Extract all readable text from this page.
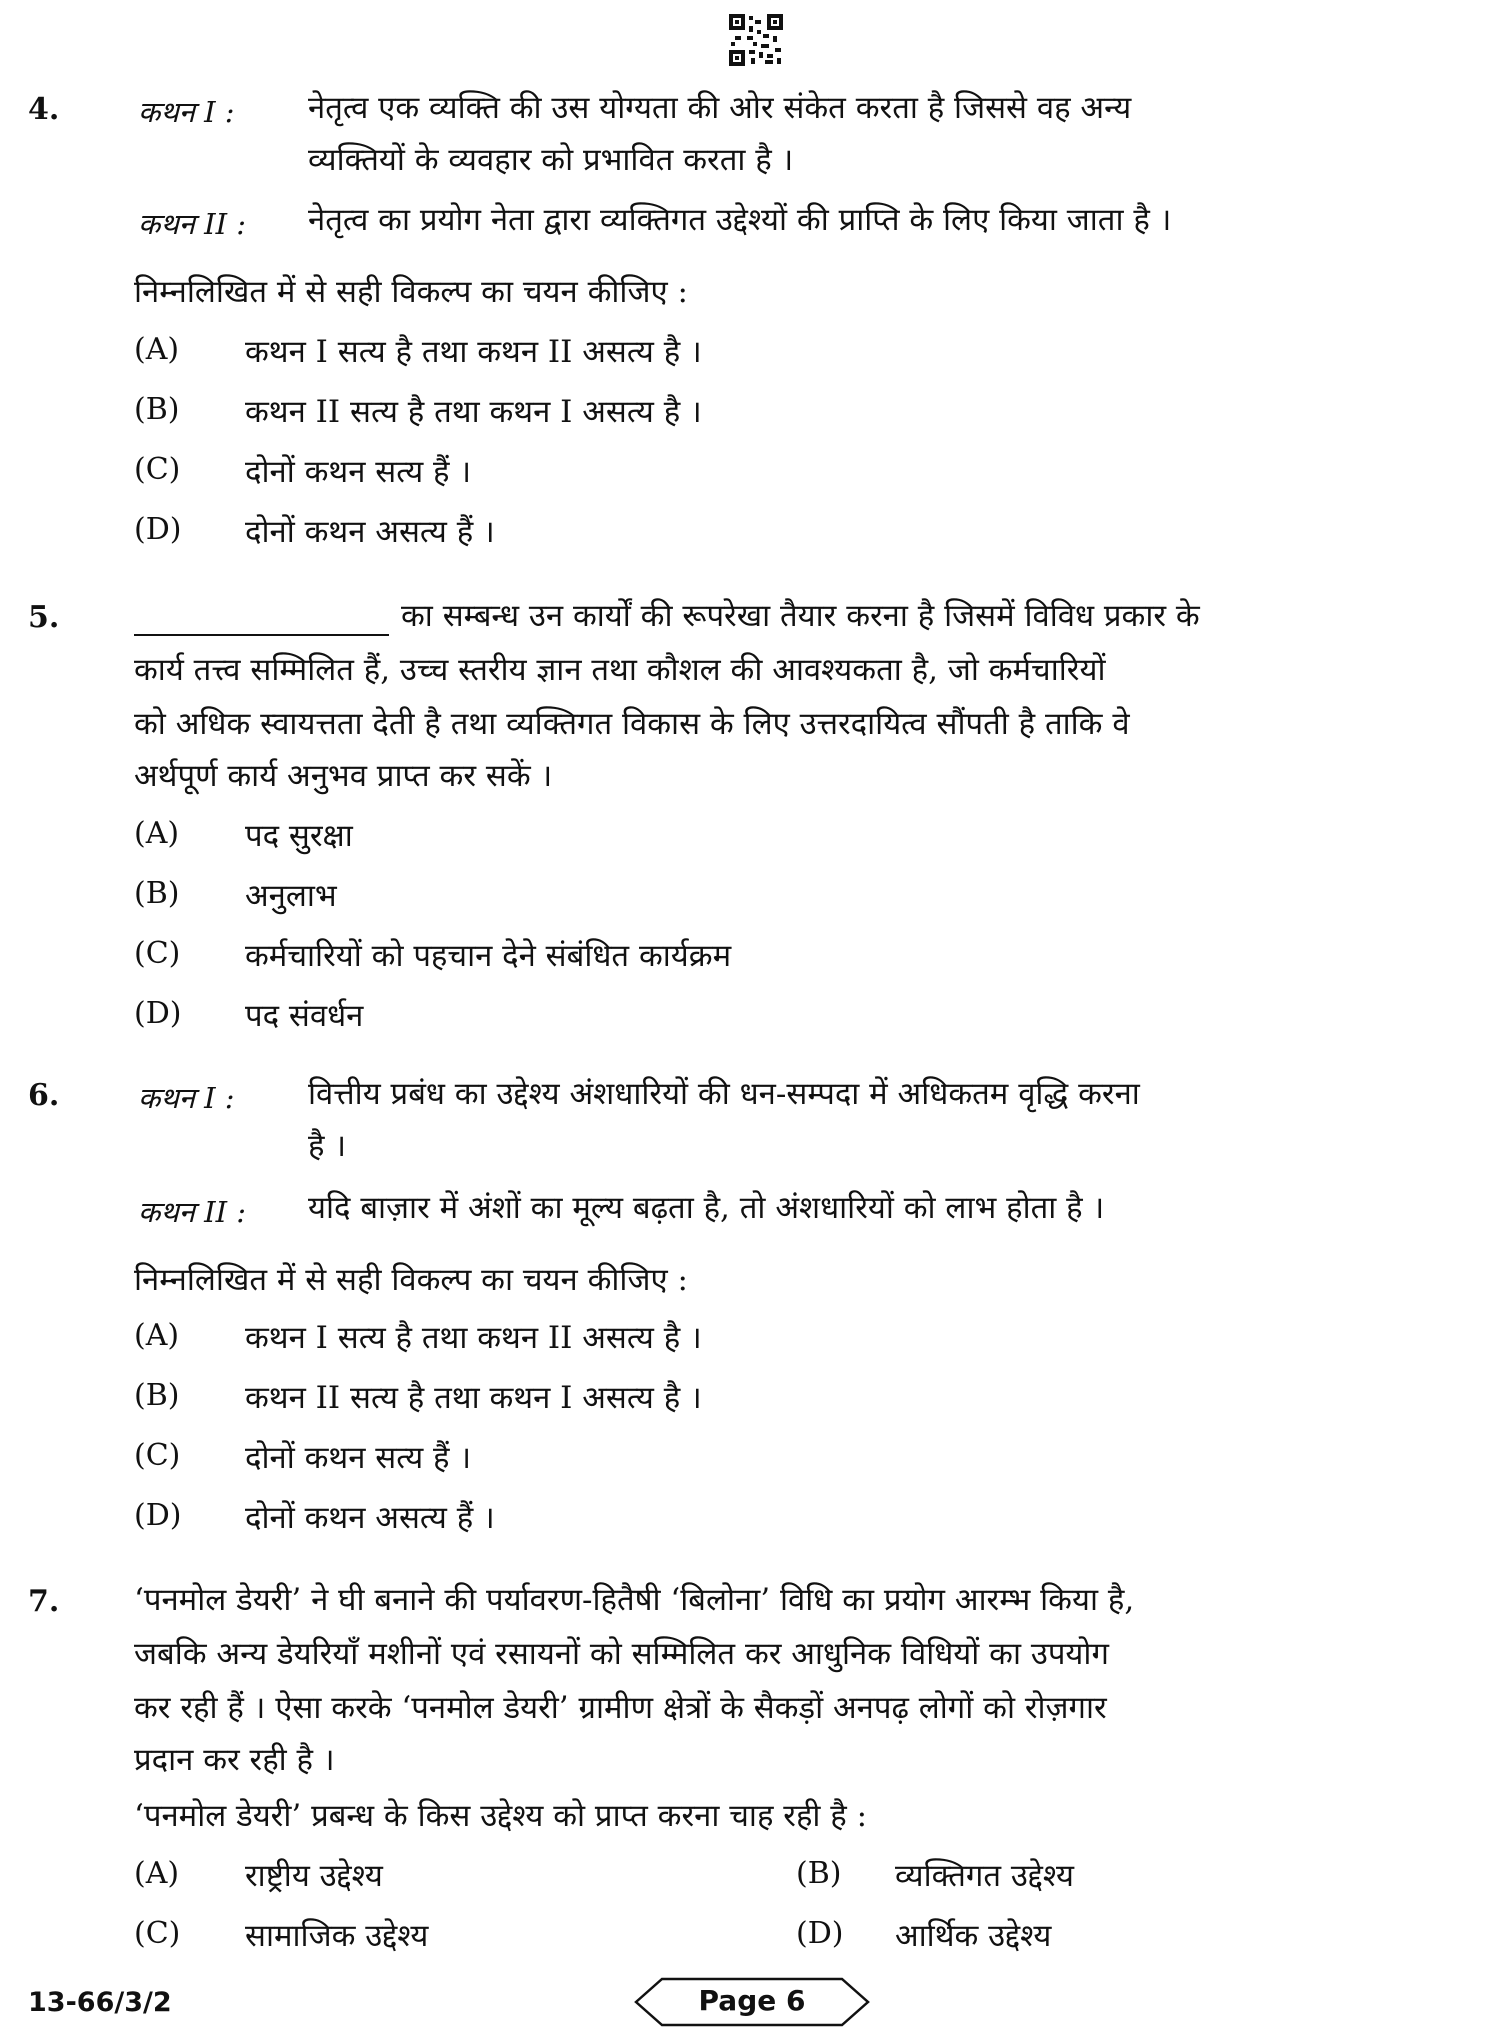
4.	कथन I : नेतृत्व एक व्यक्ति की उस योग्यता की ओर संकेत करता है जिससे वह अन्य
व्यक्तियों के व्यवहार को प्रभावित करता है ।
कथन II : नेतृत्व का प्रयोग नेता द्वारा व्यक्तिगत उद्देश्यों की प्राप्ति के लिए किया जाता है ।
निम्नलिखित में से सही विकल्प का चयन कीजिए :
(A) कथन I सत्य है तथा कथन II असत्य है ।
(B) कथन II सत्य है तथा कथन I असत्य है ।
(C) दोनों कथन सत्य हैं ।
(D) दोनों कथन असत्य हैं ।
5.	का सम्बन्ध उन कार्यों की रूपरेखा तैयार करना है जिसमें विविध प्रकार के
कार्य तत्त्व सम्मिलित हैं, उच्च स्तरीय ज्ञान तथा कौशल की आवश्यकता है, जो कर्मचारियों
को अधिक स्वायत्तता देती है तथा व्यक्तिगत विकास के लिए उत्तरदायित्व सौंपती है ताकि वे
अर्थपूर्ण कार्य अनुभव प्राप्त कर सकें ।
(A) पद सुरक्षा
(B) अनुलाभ
(C) कर्मचारियों को पहचान देने संबंधित कार्यक्रम
(D) पद संवर्धन
6.	कथन I : वित्तीय प्रबंध का उद्देश्य अंशधारियों की धन-सम्पदा में अधिकतम वृद्धि करना
है ।
कथन II : यदि बाज़ार में अंशों का मूल्य बढ़ता है, तो अंशधारियों को लाभ होता है ।
निम्नलिखित में से सही विकल्प का चयन कीजिए :
(A) कथन I सत्य है तथा कथन II असत्य है ।
(B) कथन II सत्य है तथा कथन I असत्य है ।
(C) दोनों कथन सत्य हैं ।
(D) दोनों कथन असत्य हैं ।
7. ‘पनमोल डेयरी’ ने घी बनाने की पर्यावरण-हितैषी ‘बिलोना’ विधि का प्रयोग आरम्भ किया है,
जबकि अन्य डेयरियाँ मशीनों एवं रसायनों को सम्मिलित कर आधुनिक विधियों का उपयोग
कर रही हैं । ऐसा करके ‘पनमोल डेयरी’ ग्रामीण क्षेत्रों के सैकड़ों अनपढ़ लोगों को रोज़गार
प्रदान कर रही है ।
‘पनमोल डेयरी’ प्रबन्ध के किस उद्देश्य को प्राप्त करना चाह रही है :
(A) राष्ट्रीय उद्देश्य	(B) व्यक्तिगत उद्देश्य
(C) सामाजिक उद्देश्य	(D) आर्थिक उद्देश्य
13-66/3/2	Page 6
